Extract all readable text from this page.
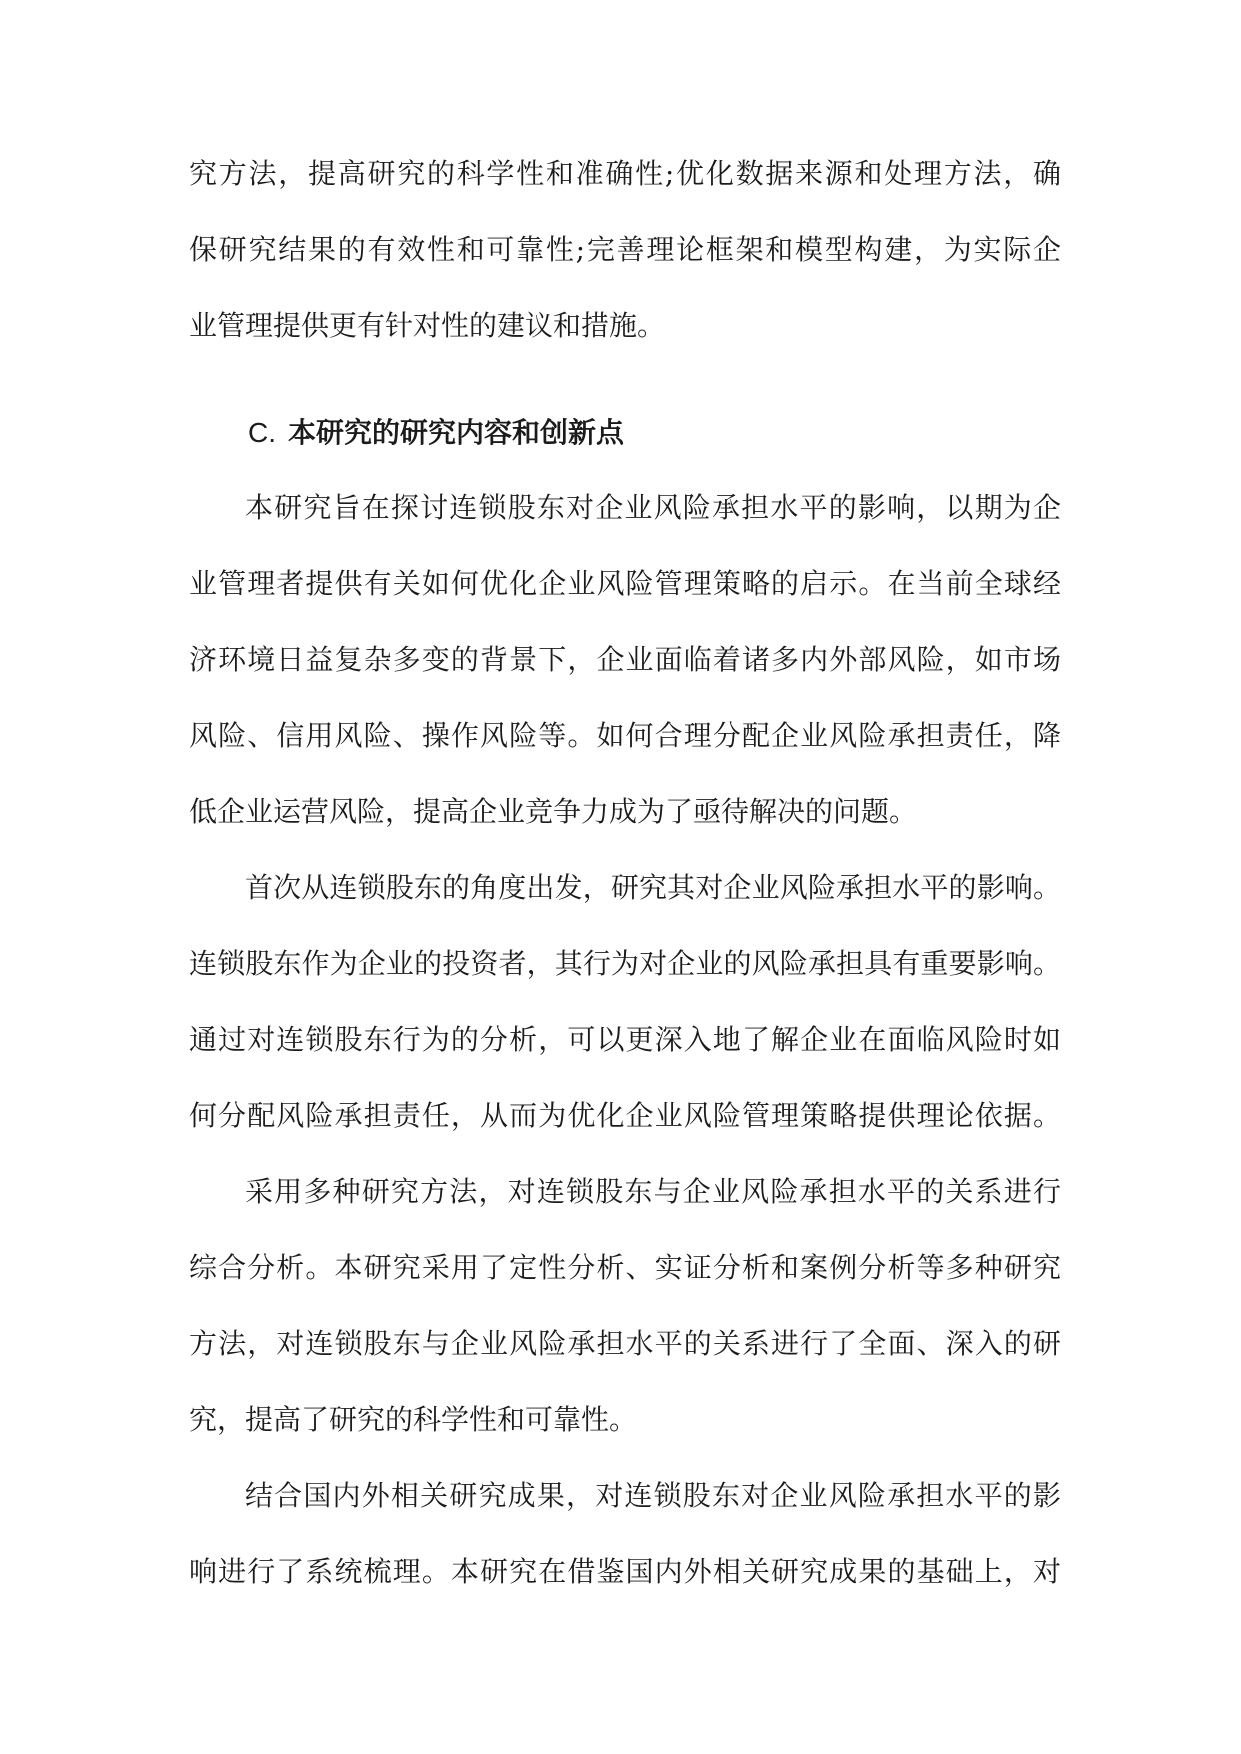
究方法，提高研究的科学性和准确性;优化数据来源和处理方法，确
保研究结果的有效性和可靠性;完善理论框架和模型构建，为实际企
业管理提供更有针对性的建议和措施。
C. 本研究的研究内容和创新点
本研究旨在探讨连锁股东对企业风险承担水平的影响，以期为企
业管理者提供有关如何优化企业风险管理策略的启示。在当前全球经
济环境日益复杂多变的背景下，企业面临着诸多内外部风险，如市场
风险、信用风险、操作风险等。如何合理分配企业风险承担责任，降
低企业运营风险，提高企业竞争力成为了亟待解决的问题。
首次从连锁股东的角度出发，研究其对企业风险承担水平的影响。
连锁股东作为企业的投资者，其行为对企业的风险承担具有重要影响。
通过对连锁股东行为的分析，可以更深入地了解企业在面临风险时如
何分配风险承担责任，从而为优化企业风险管理策略提供理论依据。
采用多种研究方法，对连锁股东与企业风险承担水平的关系进行
综合分析。本研究采用了定性分析、实证分析和案例分析等多种研究
方法，对连锁股东与企业风险承担水平的关系进行了全面、深入的研
究，提高了研究的科学性和可靠性。
结合国内外相关研究成果，对连锁股东对企业风险承担水平的影
响进行了系统梳理。本研究在借鉴国内外相关研究成果的基础上，对
